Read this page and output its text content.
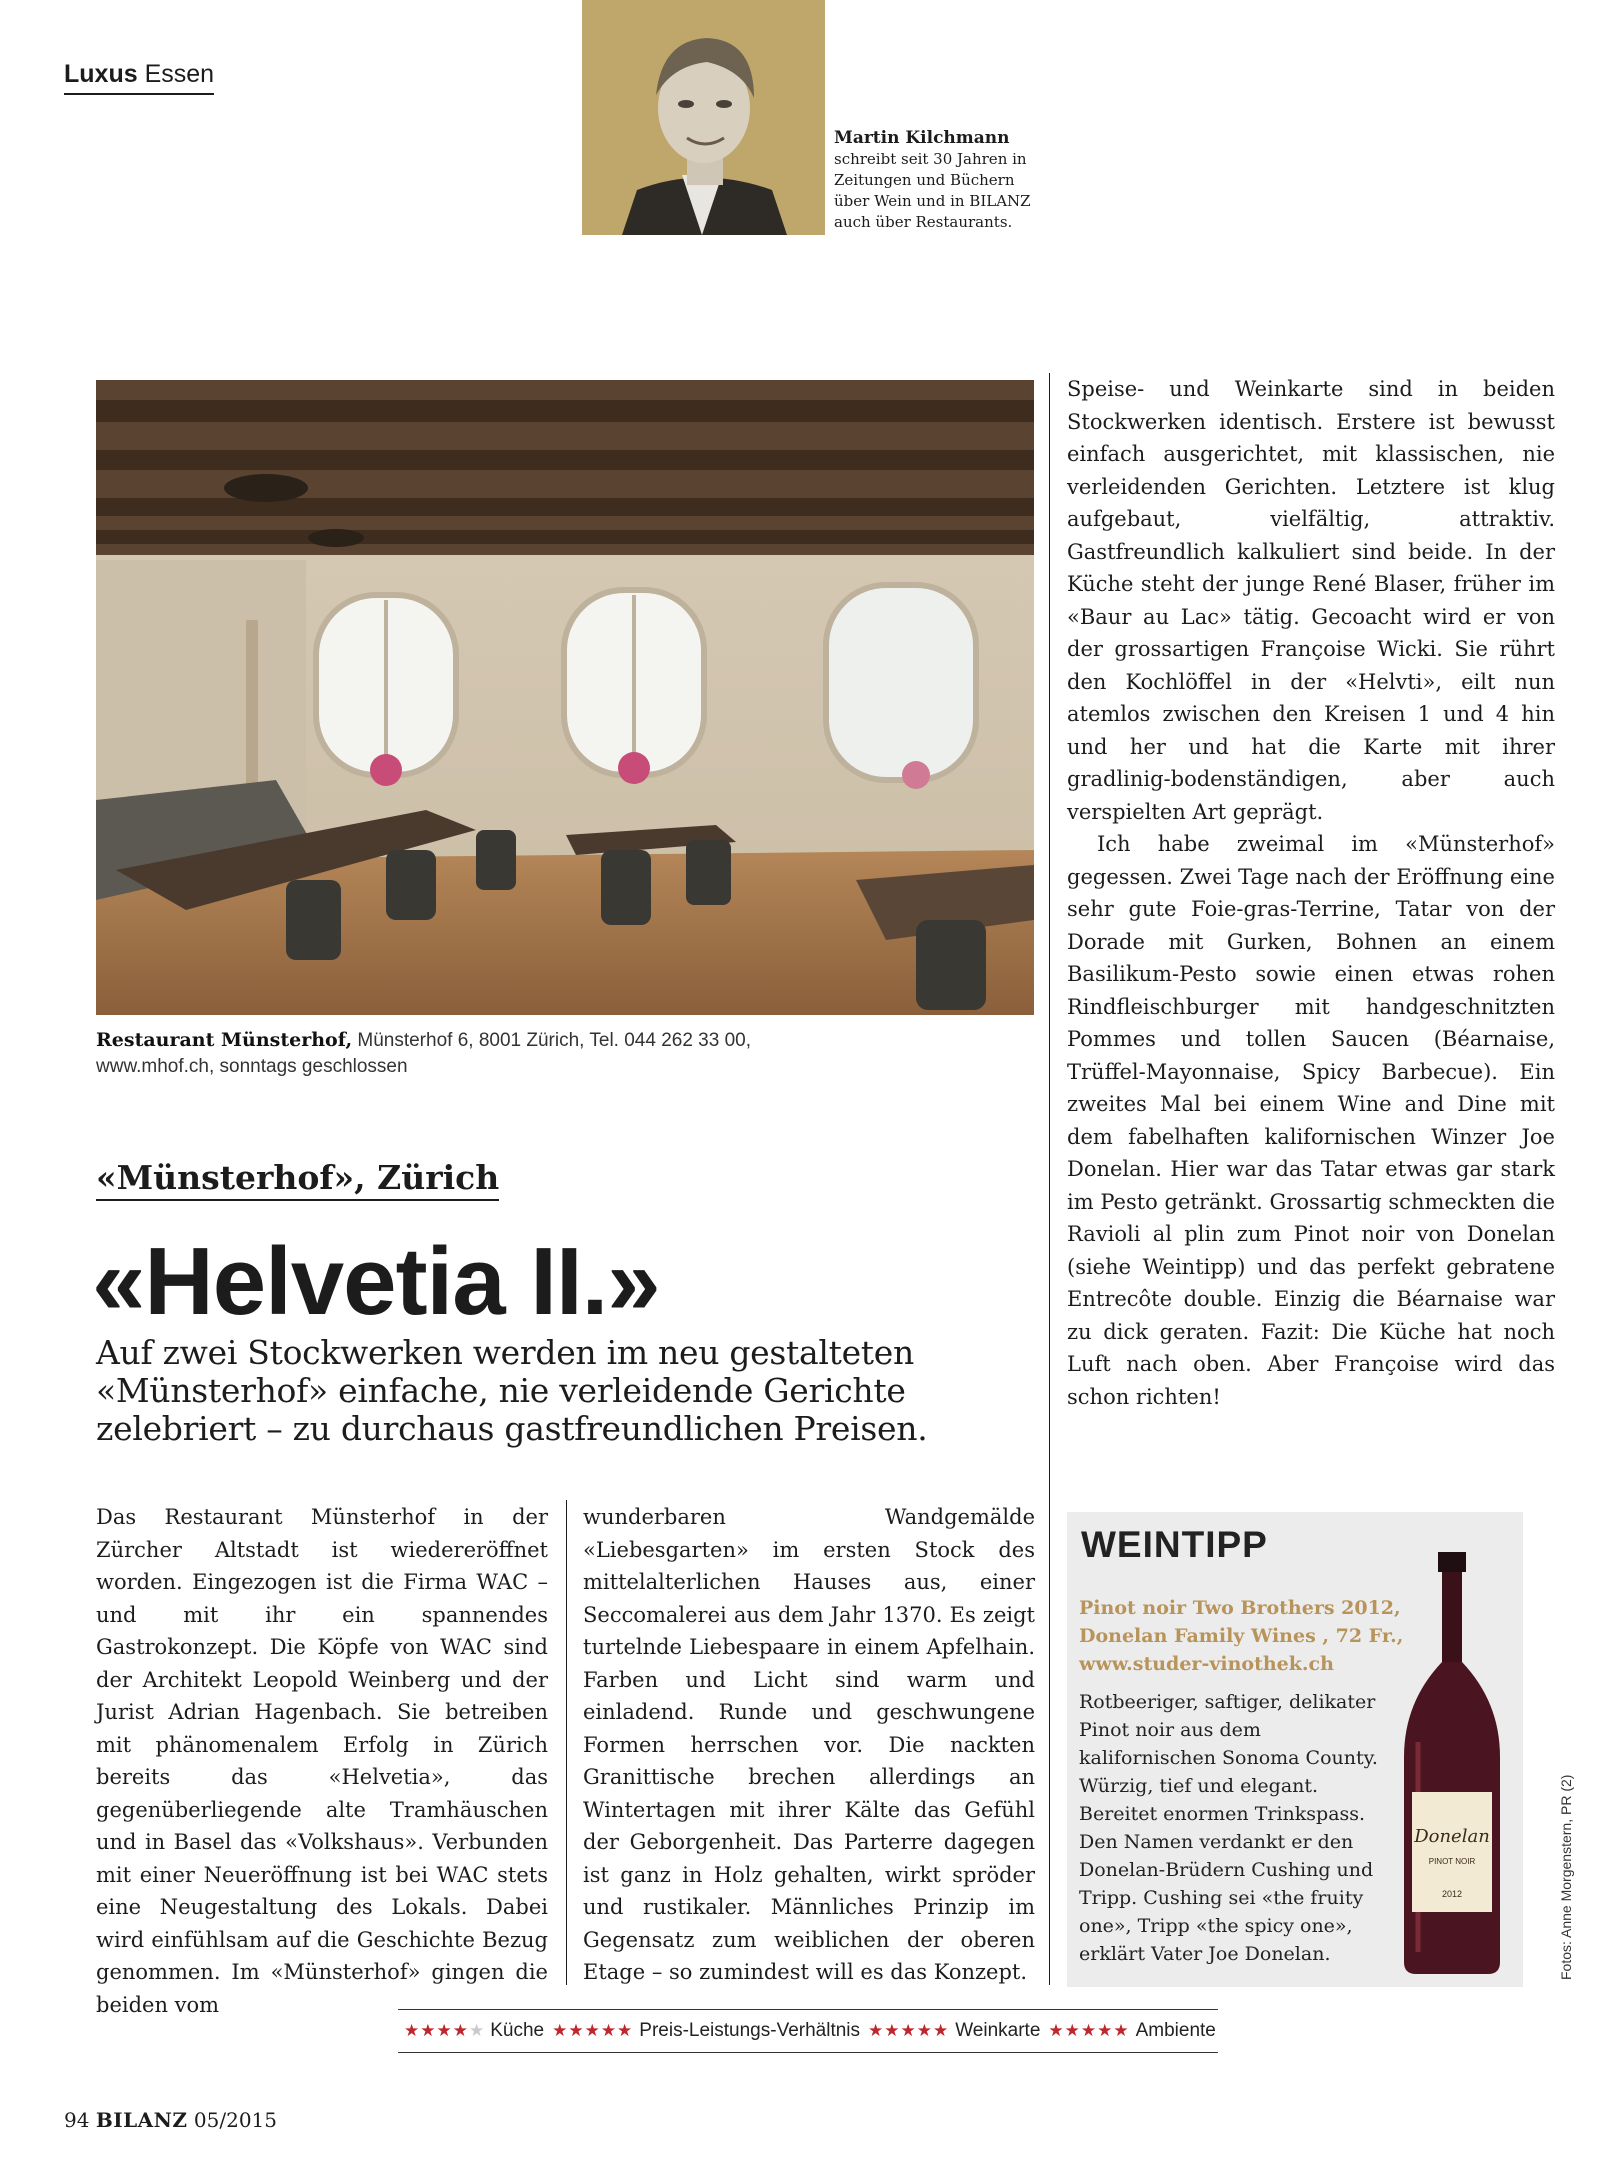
Luxus Essen
Martin Kilchmann
schreibt seit 30 Jahren in
Zeitungen und Büchern
über Wein und in BILANZ
auch über Restaurants.
Restaurant Münsterhof, Münsterhof 6, 8001 Zürich, Tel. 044 262 33 00,
www.mhof.ch, sonntags geschlossen
«Münsterhof», Zürich
«Helvetia II.»
Auf zwei Stockwerken werden im neu gestalteten «Münsterhof» einfache, nie verleidende Gerichte zelebriert – zu durchaus gastfreundlichen Preisen.

Speise- und Weinkarte sind in beiden Stockwerken identisch. Erstere ist bewusst einfach ausgerichtet, mit klassischen, nie verleidenden Gerichten. Letztere ist klug aufgebaut, vielfältig, attraktiv. Gastfreundlich kalkuliert sind beide. In der Küche steht der junge René Blaser, früher im «Baur au Lac» tätig. Gecoacht wird er von der grossartigen Françoise Wicki. Sie rührt den Kochlöffel in der «Helvti», eilt nun atemlos zwischen den Kreisen 1 und 4 hin und her und hat die Karte mit ihrer gradlinig-bodenständigen, aber auch verspielten Art geprägt.

Ich habe zweimal im «Münsterhof» gegessen. Zwei Tage nach der Eröffnung eine sehr gute Foie-gras-Terrine, Tatar von der Dorade mit Gurken, Bohnen an einem Basilikum-Pesto sowie einen etwas rohen Rindfleischburger mit handgeschnitzten Pommes und tollen Saucen (Béarnaise, Trüffel-Mayonnaise, Spicy Barbecue). Ein zweites Mal bei einem Wine and Dine mit dem fabelhaften kalifornischen Winzer Joe Donelan. Hier war das Tatar etwas gar stark im Pesto getränkt. Grossartig schmeckten die Ravioli al plin zum Pinot noir von Donelan (siehe Weintipp) und das perfekt gebratene Entrecôte double. Einzig die Béarnaise war zu dick geraten. Fazit: Die Küche hat noch Luft nach oben. Aber Françoise wird das schon richten!

Das Restaurant Münsterhof in der Zürcher Altstadt ist wiedereröffnet worden. Eingezogen ist die Firma WAC – und mit ihr ein spannendes Gastrokonzept. Die Köpfe von WAC sind der Architekt Leopold Weinberg und der Jurist Adrian Hagenbach. Sie betreiben mit phänomenalem Erfolg in Zürich bereits das «Helvetia», das gegenüberliegende alte Tramhäuschen und in Basel das «Volkshaus». Verbunden mit einer Neueröffnung ist bei WAC stets eine Neugestaltung des Lokals. Dabei wird einfühlsam auf die Geschichte Bezug genommen. Im «Münsterhof» gingen die beiden vom
wunderbaren Wandgemälde «Liebesgarten» im ersten Stock des mittelalterlichen Hauses aus, einer Seccomalerei aus dem Jahr 1370. Es zeigt turtelnde Liebespaare in einem Apfelhain. Farben und Licht sind warm und einladend. Runde und geschwungene Formen herrschen vor. Die nackten Granittische brechen allerdings an Wintertagen mit ihrer Kälte das Gefühl der Geborgenheit. Das Parterre dagegen ist ganz in Holz gehalten, wirkt spröder und rustikaler. Männliches Prinzip im Gegensatz zum weiblichen der oberen Etage – so zumindest will es das Konzept.
WEINTIPP
Pinot noir Two Brothers 2012, Donelan Family Wines , 72 Fr., www.studer-vinothek.ch
Rotbeeriger, saftiger, delikater Pinot noir aus dem kalifornischen Sonoma County. Würzig, tief und elegant. Bereitet enormen Trinkspass. Den Namen verdankt er den Donelan-Brüdern Cushing und Tripp. Cushing sei «the fruity one», Tripp «the spicy one», erklärt Vater Joe Donelan.
Donelan
PINOT NOIR
2012	Fotos: Anne Morgenstern, PR (2)
★★★★ ★ Küche ★★★★★ Preis-Leistungs-Verhältnis ★★★★★ Weinkarte ★★★★★ Ambiente
94 BILANZ 05/2015
